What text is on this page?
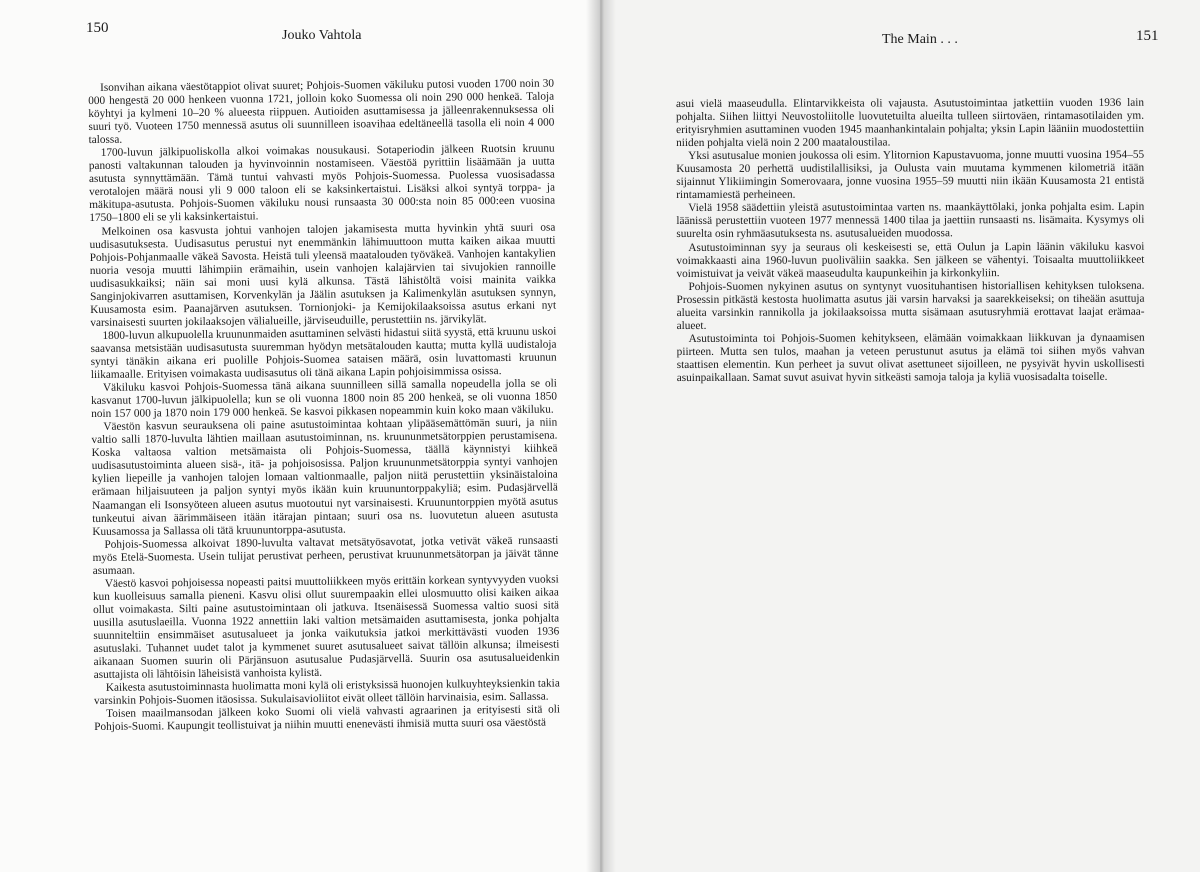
150	Jouko Vahtola

Isonvihan aikana väestötappiot olivat suuret; Pohjois-Suomen väkiluku putosi vuoden 1700 noin 30 000 hengestä 20 000 henkeen vuonna 1721, jolloin koko Suomessa oli noin 290 000 henkeä. Taloja köyhtyi ja kylmeni 10–20 % alueesta riippuen. Autioiden asuttamisessa ja jälleenrakennuksessa oli suuri työ. Vuoteen 1750 mennessä asutus oli suunnilleen isoavihaa edeltäneellä tasolla eli noin 4 000 talossa.

1700-luvun jälkipuoliskolla alkoi voimakas nousukausi. Sotaperiodin jälkeen Ruotsin kruunu panosti valtakunnan talouden ja hyvinvoinnin nostamiseen. Väestöä pyrittiin lisäämään ja uutta asutusta synnyttämään. Tämä tuntui vahvasti myös Pohjois-Suomessa. Puolessa vuosisadassa verotalojen määrä nousi yli 9 000 taloon eli se kaksinkertaistui. Lisäksi alkoi syntyä torppa- ja mäkitupa-asutusta. Pohjois-Suomen väkiluku nousi runsaasta 30 000:sta noin 85 000:een vuosina 1750–1800 eli se yli kaksinkertaistui.

Melkoinen osa kasvusta johtui vanhojen talojen jakamisesta mutta hyvinkin yhtä suuri osa uudisasutuksesta. Uudisasutus perustui nyt enemmänkin lähimuuttoon mutta kaiken aikaa muutti Pohjois-Pohjanmaalle väkeä Savosta. Heistä tuli yleensä maatalouden työväkeä. Vanhojen kantakylien nuoria vesoja muutti lähimpiin erämaihin, usein vanhojen kalajärvien tai sivujokien rannoille uudisasukkaiksi; näin sai moni uusi kylä alkunsa. Tästä lähistöltä voisi mainita vaikka Sanginjokivarren asuttamisen, Korvenkylän ja Jäälin asutuksen ja Kalimenkylän asutuksen synnyn, Kuusamosta esim. Paanajärven asutuksen. Tornionjoki- ja Kemijokilaaksoissa asutus erkani nyt varsinaisesti suurten jokilaaksojen välialueille, järviseuduille, perustettiin ns. järvikylät.

1800-luvun alkupuolella kruununmaiden asuttaminen selvästi hidastui siitä syystä, että kruunu uskoi saavansa metsistään uudisasutusta suuremman hyödyn metsätalouden kautta; mutta kyllä uudistaloja syntyi tänäkin aikana eri puolille Pohjois-Suomea sataisen määrä, osin luvattomasti kruunun liikamaalle. Erityisen voimakasta uudisasutus oli tänä aikana Lapin pohjoisimmissa osissa.

Väkiluku kasvoi Pohjois-Suomessa tänä aikana suunnilleen sillä samalla nopeudella jolla se oli kasvanut 1700-luvun jälkipuolella; kun se oli vuonna 1800 noin 85 200 henkeä, se oli vuonna 1850 noin 157 000 ja 1870 noin 179 000 henkeä. Se kasvoi pikkasen nopeammin kuin koko maan väkiluku.

Väestön kasvun seurauksena oli paine asutustoimintaa kohtaan ylipääsemättömän suuri, ja niin valtio salli 1870-luvulta lähtien maillaan asutustoiminnan, ns. kruununmetsätorppien perustamisena. Koska valtaosa valtion metsämaista oli Pohjois-Suomessa, täällä käynnistyi kiihkeä uudisasutustoiminta alueen sisä-, itä- ja pohjoisosissa. Paljon kruununmetsätorppia syntyi vanhojen kylien liepeille ja vanhojen talojen lomaan valtionmaalle, paljon niitä perustettiin yksinäistaloina erämaan hiljaisuuteen ja paljon syntyi myös ikään kuin kruununtorppakyliä; esim. Pudasjärvellä Naamangan eli Isonsyöteen alueen asutus muotoutui nyt varsinaisesti. Kruununtorppien myötä asutus tunkeutui aivan äärimmäiseen itään itärajan pintaan; suuri osa ns. luovutetun alueen asutusta Kuusamossa ja Sallassa oli tätä kruununtorppa-asutusta.

Pohjois-Suomessa alkoivat 1890-luvulta valtavat metsätyösavotat, jotka vetivät väkeä runsaasti myös Etelä-Suomesta. Usein tulijat perustivat perheen, perustivat kruununmetsätorpan ja jäivät tänne asumaan.

Väestö kasvoi pohjoisessa nopeasti paitsi muuttoliikkeen myös erittäin korkean syntyvyyden vuoksi kun kuolleisuus samalla pieneni. Kasvu olisi ollut suurempaakin ellei ulosmuutto olisi kaiken aikaa ollut voimakasta. Silti paine asutustoimintaan oli jatkuva. Itsenäisessä Suomessa valtio suosi sitä uusilla asutuslaeilla. Vuonna 1922 annettiin laki valtion metsämaiden asuttamisesta, jonka pohjalta suunniteltiin ensimmäiset asutusalueet ja jonka vaikutuksia jatkoi merkittävästi vuoden 1936 asutuslaki. Tuhannet uudet talot ja kymmenet suuret asutusalueet saivat tällöin alkunsa; ilmeisesti aikanaan Suomen suurin oli Pärjänsuon asutusalue Pudasjärvellä. Suurin osa asutusalueidenkin asuttajista oli lähtöisin läheisistä vanhoista kylistä.

Kaikesta asutustoiminnasta huolimatta moni kylä oli eristyksissä huonojen kulkuyhteyksienkin takia varsinkin Pohjois-Suomen itäosissa. Sukulaisavioliitot eivät olleet tällöin harvinaisia, esim. Sallassa.

Toisen maailmansodan jälkeen koko Suomi oli vielä vahvasti agraarinen ja erityisesti sitä oli Pohjois-Suomi. Kaupungit teollistuivat ja niihin muutti enenevästi ihmisiä mutta suuri osa väestöstä

The Main . . .	151

asui vielä maaseudulla. Elintarvikkeista oli vajausta. Asutustoimintaa jatkettiin vuoden 1936 lain pohjalta. Siihen liittyi Neuvostoliitolle luovutetuilta alueilta tulleen siirtoväen, rintamasotilaiden ym. erityisryhmien asuttaminen vuoden 1945 maanhankintalain pohjalta; yksin Lapin lääniin muodostettiin niiden pohjalta vielä noin 2 200 maataloustilaa.

Yksi asutusalue monien joukossa oli esim. Ylitornion Kapustavuoma, jonne muutti vuosina 1954–55 Kuusamosta 20 perhettä uudistilallisiksi, ja Oulusta vain muutama kymmenen kilometriä itään sijainnut Ylikiimingin Somerovaara, jonne vuosina 1955–59 muutti niin ikään Kuusamosta 21 entistä rintamamiestä perheineen.

Vielä 1958 säädettiin yleistä asutustoimintaa varten ns. maankäyttölaki, jonka pohjalta esim. Lapin läänissä perustettiin vuoteen 1977 mennessä 1400 tilaa ja jaettiin runsaasti ns. lisämaita. Kysymys oli suurelta osin ryhmäasutuksesta ns. asutusalueiden muodossa.

Asutustoiminnan syy ja seuraus oli keskeisesti se, että Oulun ja Lapin läänin väkiluku kasvoi voimakkaasti aina 1960-luvun puoliväliin saakka. Sen jälkeen se vähentyi. Toisaalta muuttoliikkeet voimistuivat ja veivät väkeä maaseudulta kaupunkeihin ja kirkonkyliin.

Pohjois-Suomen nykyinen asutus on syntynyt vuosituhantisen historiallisen kehityksen tuloksena. Prosessin pitkästä kestosta huolimatta asutus jäi varsin harvaksi ja saarekkeiseksi; on tiheään asuttuja alueita varsinkin rannikolla ja jokilaaksoissa mutta sisämaan asutusryhmiä erottavat laajat erämaa-alueet.

Asutustoiminta toi Pohjois-Suomen kehitykseen, elämään voimakkaan liikkuvan ja dynaamisen piirteen. Mutta sen tulos, maahan ja veteen perustunut asutus ja elämä toi siihen myös vahvan staattisen elementin. Kun perheet ja suvut olivat asettuneet sijoilleen, ne pysyivät hyvin uskollisesti asuinpaikallaan. Samat suvut asuivat hyvin sitkeästi samoja taloja ja kyliä vuosisadalta toiselle.
